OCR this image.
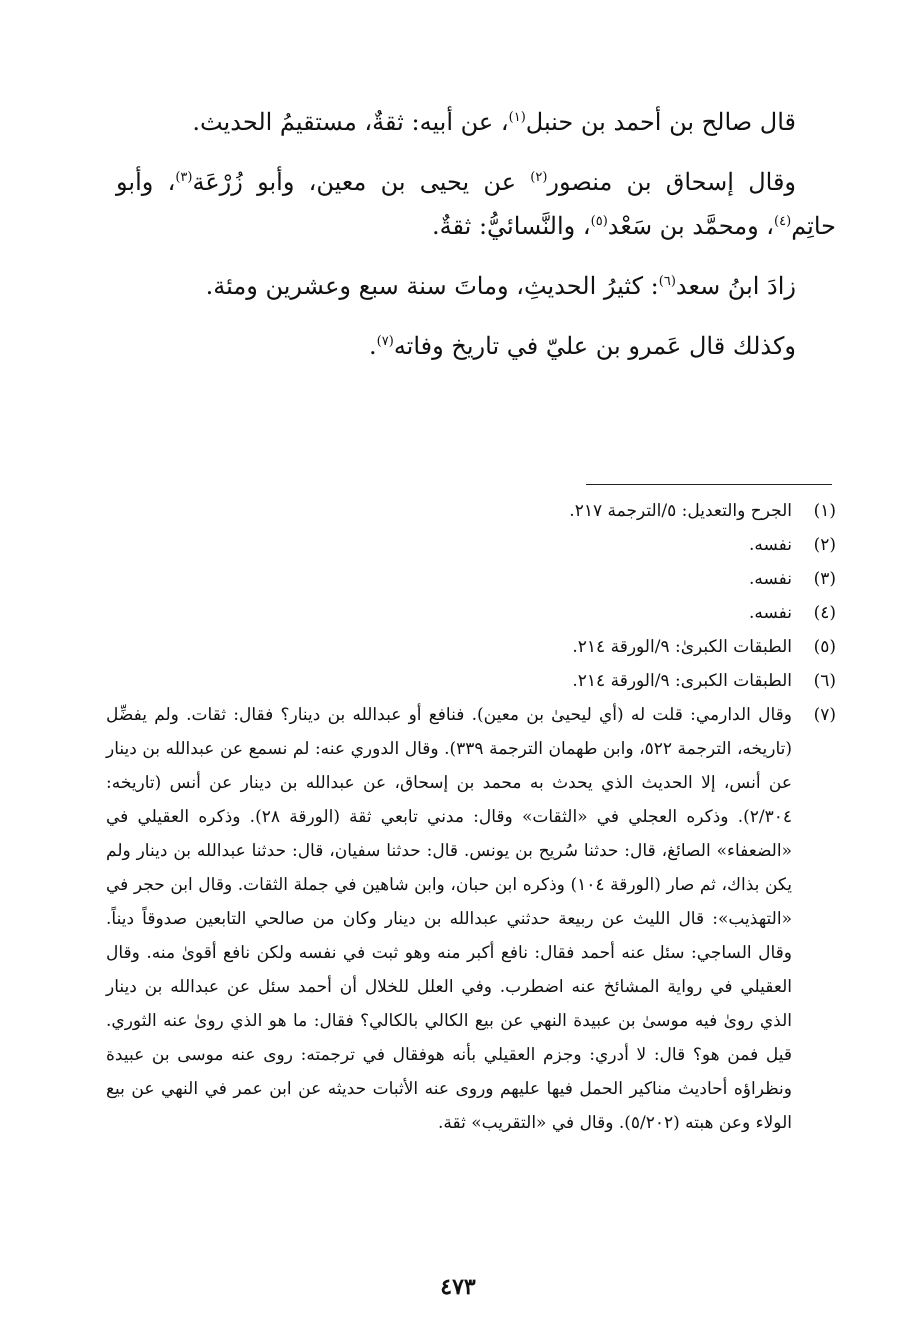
قال صالح بن أحمد بن حنبل$^{(١)}$، عن أبيه: ثقةٌ، مستقيمُ الحديث.

وقال إسحاق بن منصور$^{(٢)}$ عن يحيى بن معين، وأبو زُرْعَة$^{(٣)}$، وأبو حاتِم$^{(٤)}$، ومحمَّد بن سَعْد$^{(٥)}$، والنَّسائيُّ: ثقةٌ.

زادَ ابنُ سعد$^{(٦)}$: كثيرُ الحديثِ، وماتَ سنة سبع وعشرين ومئة.

وكذلك قال عَمرو بن عليّ في تاريخ وفاته$^{(٧)}$.

(١)
الجرح والتعديل: ٥/الترجمة ٢١٧.
(٢)
نفسه.
(٣)
نفسه.
(٤)
نفسه.
(٥)
الطبقات الكبرىٰ: ٩/الورقة ٢١٤.
(٦)
الطبقات الكبرى: ٩/الورقة ٢١٤.
(٧)
وقال الدارمي: قلت له (أي ليحيىٰ بن معين). فنافع أو عبدالله بن دينار؟ فقال: ثقات. ولم يفضِّل (تاريخه، الترجمة ٥٢٢، وابن طهمان الترجمة ٣٣٩). وقال الدوري عنه: لم نسمع عن عبدالله بن دينار عن أنس، إلا الحديث الذي يحدث به محمد بن إسحاق، عن عبدالله بن دينار عن أنس (تاريخه: ٢/٣٠٤). وذكره العجلي في «الثقات» وقال: مدني تابعي ثقة (الورقة ٢٨). وذكره العقيلي في «الضعفاء» الصائغ، قال: حدثنا سُريح بن يونس. قال: حدثنا سفيان، قال: حدثنا عبدالله بن دينار ولم يكن بذاك، ثم صار (الورقة ١٠٤) وذكره ابن حبان، وابن شاهين في جملة الثقات. وقال ابن حجر في «التهذيب»: قال الليث عن ربيعة حدثني عبدالله بن دينار وكان من صالحي التابعين صدوقاً ديناً. وقال الساجي: سئل عنه أحمد فقال: نافع أكبر منه وهو ثبت في نفسه ولكن نافع أقوىٰ منه. وقال العقيلي في رواية المشائخ عنه اضطرب. وفي العلل للخلال أن أحمد سئل عن عبدالله بن دينار الذي روىٰ فيه موسىٰ بن عبيدة النهي عن بيع الكالي بالكالي؟ فقال: ما هو الذي روىٰ عنه الثوري. قيل فمن هو؟ قال: لا أدري: وجزم العقيلي بأنه هوفقال في ترجمته: روى عنه موسى بن عبيدة ونظراؤه أحاديث مناكير الحمل فيها عليهم وروى عنه الأثبات حديثه عن ابن عمر في النهي عن بيع الولاء وعن هبته (٥/٢٠٢). وقال في «التقريب» ثقة.
٤٧٣
